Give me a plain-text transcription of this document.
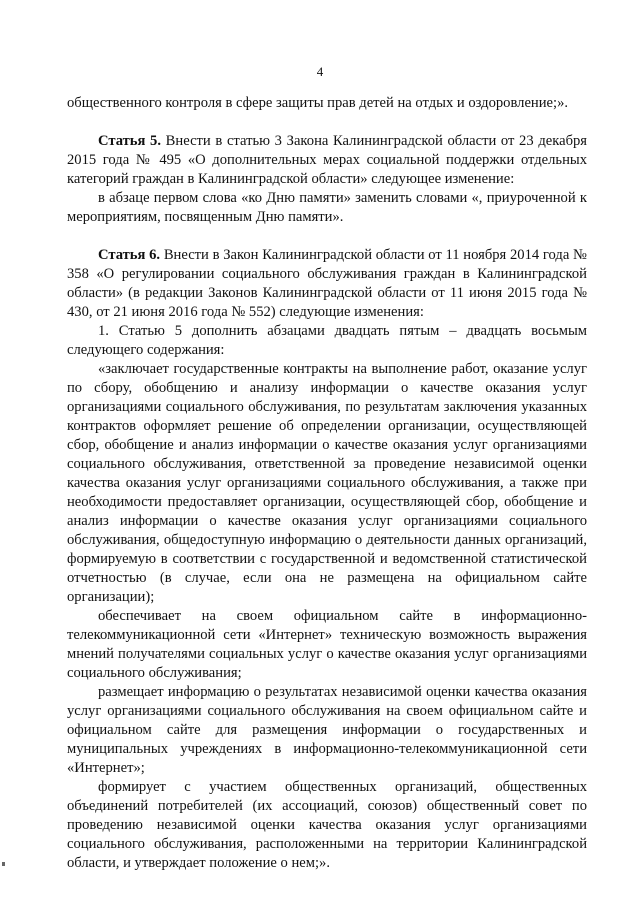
4

общественного контроля в сфере защиты прав детей на отдых и оздоровление;».

Статья 5. Внести в статью 3 Закона Калининградской области от 23 декабря 2015 года № 495 «О дополнительных мерах социальной поддержки отдельных категорий граждан в Калининградской области» следующее изменение:

в абзаце первом слова «ко Дню памяти» заменить словами «, приуроченной к мероприятиям, посвященным Дню памяти».

Статья 6. Внести в Закон Калининградской области от 11 ноября 2014 года № 358 «О регулировании социального обслуживания граждан в Калининградской области» (в редакции Законов Калининградской области от 11 июня 2015 года № 430, от 21 июня 2016 года № 552) следующие изменения:

1. Статью 5 дополнить абзацами двадцать пятым – двадцать восьмым следующего содержания:

«заключает государственные контракты на выполнение работ, оказание услуг по сбору, обобщению и анализу информации о качестве оказания услуг организациями социального обслуживания, по результатам заключения указанных контрактов оформляет решение об определении организации, осуществляющей сбор, обобщение и анализ информации о качестве оказания услуг организациями социального обслуживания, ответственной за проведение независимой оценки качества оказания услуг организациями социального обслуживания, а также при необходимости предоставляет организации, осуществляющей сбор, обобщение и анализ информации о качестве оказания услуг организациями социального обслуживания, общедоступную информацию о деятельности данных организаций, формируемую в соответствии с государственной и ведомственной статистической отчетностью (в случае, если она не размещена на официальном сайте организации);

обеспечивает на своем официальном сайте в информационно-телекоммуникационной сети «Интернет» техническую возможность выражения мнений получателями социальных услуг о качестве оказания услуг организациями социального обслуживания;

размещает информацию о результатах независимой оценки качества оказания услуг организациями социального обслуживания на своем официальном сайте и официальном сайте для размещения информации о государственных и муниципальных учреждениях в информационно-телекоммуникационной сети «Интернет»;

формирует с участием общественных организаций, общественных объединений потребителей (их ассоциаций, союзов) общественный совет по проведению независимой оценки качества оказания услуг организациями социального обслуживания, расположенными на территории Калининградской области, и утверждает положение о нем;».
